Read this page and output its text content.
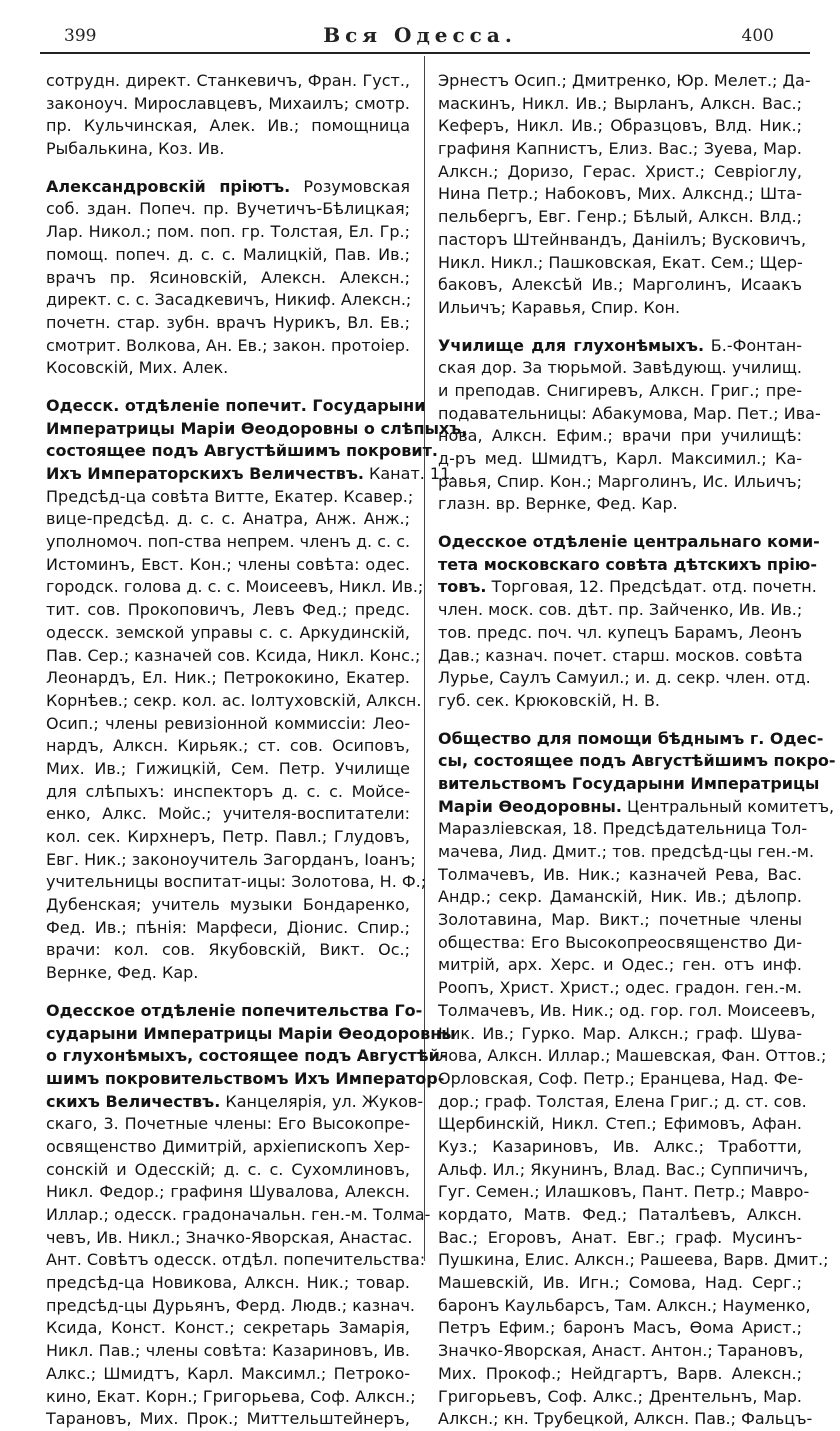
399	Вся Одесса.	400
сотрудн. директ. Станкевичъ, Фран. Густ.,
законоуч. Мирославцевъ, Михаилъ; смотр.
пр. Кульчинская, Алек. Ив.; помощница
Рыбалькина, Коз. Ив.
Александровскій пріютъ. Розумовская
соб. здан. Попеч. пр. Вучетичъ-Бѣлицкая;
Лар. Никол.; пом. поп. гр. Толстая, Ел. Гр.;
помощ. попеч. д. с. с. Малицкій, Пав. Ив.;
врачъ пр. Ясиновскій, Алексн. Алексн.;
директ. с. с. Засадкевичъ, Никиф. Алексн.;
почетн. стар. зубн. врачъ Нурикъ, Вл. Ев.;
смотрит. Волкова, Ан. Ев.; закон. протоіер.
Косовскій, Мих. Алек.
Одесск. отдѣленіе попечит. Государыни
Императрицы Маріи Ѳеодоровны о слѣпыхъ,
состоящее подъ Августѣйшимъ покровит.
Ихъ Императорскихъ Величествъ. Канат. 11.
Предсѣд-ца совѣта Витте, Екатер. Ксавер.;
вице-предсѣд. д. с. с. Анатра, Анж. Анж.;
уполномоч. поп-ства непрем. членъ д. с. с.
Истоминъ, Евст. Кон.; члены совѣта: одес.
городск. голова д. с. с. Моисеевъ, Никл. Ив.;
тит. сов. Прокоповичъ, Левъ Фед.; предс.
одесск. земской управы с. с. Аркудинскій,
Пав. Сер.; казначей сов. Ксида, Никл. Конс.;
Леонардъ, Ел. Ник.; Петрококино, Екатер.
Корнѣев.; секр. кол. ас. Іолтуховскій, Алксн.
Осип.; члены ревизіонной коммиссіи: Лео-
нардъ, Алксн. Кирьяк.; ст. сов. Осиповъ,
Мих. Ив.; Гижицкій, Сем. Петр. Училище
для слѣпыхъ: инспекторъ д. с. с. Мойсе-
енко, Алкс. Мойс.; учителя-воспитатели:
кол. сек. Кирхнеръ, Петр. Павл.; Глудовъ,
Евг. Ник.; законоучитель Загорданъ, Іоанъ;
учительницы воспитат-ицы: Золотова, Н. Ф.;
Дубенская; учитель музыки Бондаренко,
Фед. Ив.; пѣнія: Марфеси, Діонис. Спир.;
врачи: кол. сов. Якубовскій, Викт. Ос.;
Вернке, Фед. Кар.
Одесское отдѣленіе попечительства Го-
сударыни Императрицы Маріи Ѳеодоровны
о глухонѣмыхъ, состоящее подъ Августѣй-
шимъ покровительствомъ Ихъ Император-
скихъ Величествъ. Канцелярія, ул. Жуков-
скаго, 3. Почетные члены: Его Высокопре-
освященство Димитрій, архіепископъ Хер-
сонскій и Одесскій; д. с. с. Сухомлиновъ,
Никл. Федор.; графиня Шувалова, Алексн.
Иллар.; одесск. градоначальн. ген.-м. Толма-
чевъ, Ив. Никл.; Значко-Яворская, Анастас.
Ант. Совѣтъ одесск. отдѣл. попечительства:
предсѣд-ца Новикова, Алксн. Ник.; товар.
предсѣд-цы Дурьянъ, Ферд. Людв.; казнач.
Ксида, Конст. Конст.; секретарь Замарія,
Никл. Пав.; члены совѣта: Казариновъ, Ив.
Алкс.; Шмидтъ, Карл. Максимл.; Петроко-
кино, Екат. Корн.; Григорьева, Соф. Алксн.;
Тарановъ, Мих. Прок.; Миттельштейнеръ,
Эрнестъ Осип.; Дмитренко, Юр. Мелет.; Да-
маскинъ, Никл. Ив.; Вырланъ, Алксн. Вас.;
Кеферъ, Никл. Ив.; Образцовъ, Влд. Ник.;
графиня Капнистъ, Елиз. Вас.; Зуева, Мар.
Алксн.; Доризо, Герас. Христ.; Севріоглу,
Нина Петр.; Набоковъ, Мих. Алкснд.; Шта-
пельбергъ, Евг. Генр.; Бѣлый, Алксн. Влд.;
пасторъ Штейнвандъ, Даніилъ; Вусковичъ,
Никл. Никл.; Пашковская, Екат. Сем.; Щер-
баковъ, Алексѣй Ив.; Марголинъ, Исаакъ
Ильичъ; Каравья, Спир. Кон.
Училище для глухонѣмыхъ. Б.-Фонтан-
ская дор. За тюрьмой. Завѣдующ. училищ.
и преподав. Снигиревъ, Алксн. Григ.; пре-
подавательницы: Абакумова, Мар. Пет.; Ива-
нова, Алксн. Ефим.; врачи при училищѣ:
д-ръ мед. Шмидтъ, Карл. Максимил.; Ка-
равья, Спир. Кон.; Марголинъ, Ис. Ильичъ;
глазн. вр. Вернке, Фед. Кар.
Одесское отдѣленіе центральнаго коми-
тета московскаго совѣта дѣтскихъ прію-
товъ. Торговая, 12. Предсѣдат. отд. почетн.
член. моск. сов. дѣт. пр. Зайченко, Ив. Ив.;
тов. предс. поч. чл. купецъ Барамъ, Леонъ
Дав.; казнач. почет. старш. москов. совѣта
Лурье, Саулъ Самуил.; и. д. секр. член. отд.
губ. сек. Крюковскій, Н. В.
Общество для помощи бѣднымъ г. Одес-
сы, состоящее подъ Августѣйшимъ покро-
вительствомъ Государыни Императрицы
Маріи Ѳеодоровны. Центральный комитетъ,
Маразліевская, 18. Предсѣдательница Тол-
мачева, Лид. Дмит.; тов. предсѣд-цы ген.-м.
Толмачевъ, Ив. Ник.; казначей Рева, Вас.
Андр.; секр. Даманскій, Ник. Ив.; дѣлопр.
Золотавина, Мар. Викт.; почетные члены
общества: Его Высокопреосвященство Ди-
митрій, арх. Херс. и Одес.; ген. отъ инф.
Роопъ, Христ. Христ.; одес. градон. ген.-м.
Толмачевъ, Ив. Ник.; од. гор. гол. Моисеевъ,
Ник. Ив.; Гурко. Мар. Алксн.; граф. Шува-
лова, Алксн. Иллар.; Машевская, Фан. Оттов.;
Орловская, Соф. Петр.; Еранцева, Над. Фе-
дор.; граф. Толстая, Елена Григ.; д. ст. сов.
Щербинскій, Никл. Степ.; Ефимовъ, Афан.
Куз.; Казариновъ, Ив. Алкс.; Тработти,
Альф. Ил.; Якунинъ, Влад. Вас.; Суппичичъ,
Гуг. Семен.; Илашковъ, Пант. Петр.; Мавро-
кордато, Матв. Фед.; Паталѣевъ, Алксн.
Вас.; Егоровъ, Анат. Евг.; граф. Мусинъ-
Пушкина, Елис. Алксн.; Рашеева, Варв. Дмит.;
Машевскій, Ив. Игн.; Сомова, Над. Серг.;
баронъ Каульбарсъ, Там. Алксн.; Науменко,
Петръ Ефим.; баронъ Масъ, Ѳома Арист.;
Значко-Яворская, Анаст. Антон.; Тарановъ,
Мих. Прокоф.; Нейдгартъ, Варв. Алексн.;
Григорьевъ, Соф. Алкс.; Дрентельнъ, Мар.
Алксн.; кн. Трубецкой, Алксн. Пав.; Фальцъ-
